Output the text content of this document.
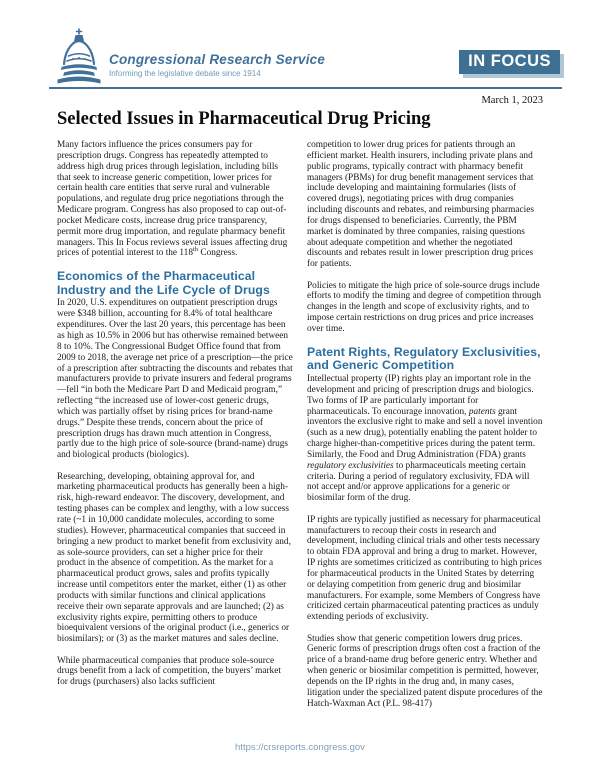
Congressional Research Service
Informing the legislative debate since 1914
IN FOCUS
March 1, 2023
Selected Issues in Pharmaceutical Drug Pricing

Many factors influence the prices consumers pay for prescription drugs. Congress has repeatedly attempted to address high drug prices through legislation, including bills that seek to increase generic competition, lower prices for certain health care entities that serve rural and vulnerable populations, and regulate drug price negotiations through the Medicare program. Congress has also proposed to cap out-of-pocket Medicare costs, increase drug price transparency, permit more drug importation, and regulate pharmacy benefit managers. This In Focus reviews several issues affecting drug prices of potential interest to the 118th Congress.

Economics of the Pharmaceutical Industry and the Life Cycle of Drugs

In 2020, U.S. expenditures on outpatient prescription drugs were $348 billion, accounting for 8.4% of total healthcare expenditures. Over the last 20 years, this percentage has been as high as 10.5% in 2006 but has otherwise remained between 8 to 10%. The Congressional Budget Office found that from 2009 to 2018, the average net price of a prescription—the price of a prescription after subtracting the discounts and rebates that manufacturers provide to private insurers and federal programs—fell “in both the Medicare Part D and Medicaid program,” reflecting “the increased use of lower-cost generic drugs, which was partially offset by rising prices for brand-name drugs.” Despite these trends, concern about the price of prescription drugs has drawn much attention in Congress, partly due to the high price of sole-source (brand-name) drugs and biological products (biologics).

Researching, developing, obtaining approval for, and marketing pharmaceutical products has generally been a high-risk, high-reward endeavor. The discovery, development, and testing phases can be complex and lengthy, with a low success rate (~1 in 10,000 candidate molecules, according to some studies). However, pharmaceutical companies that succeed in bringing a new product to market benefit from exclusivity and, as sole-source providers, can set a higher price for their product in the absence of competition. As the market for a pharmaceutical product grows, sales and profits typically increase until competitors enter the market, either (1) as other products with similar functions and clinical applications receive their own separate approvals and are launched; (2) as exclusivity rights expire, permitting others to produce bioequivalent versions of the original product (i.e., generics or biosimilars); or (3) as the market matures and sales decline.

While pharmaceutical companies that produce sole-source drugs benefit from a lack of competition, the buyers’ market for drugs (purchasers) also lacks sufficient

competition to lower drug prices for patients through an efficient market. Health insurers, including private plans and public programs, typically contract with pharmacy benefit managers (PBMs) for drug benefit management services that include developing and maintaining formularies (lists of covered drugs), negotiating prices with drug companies including discounts and rebates, and reimbursing pharmacies for drugs dispensed to beneficiaries. Currently, the PBM market is dominated by three companies, raising questions about adequate competition and whether the negotiated discounts and rebates result in lower prescription drug prices for patients.

Policies to mitigate the high price of sole-source drugs include efforts to modify the timing and degree of competition through changes in the length and scope of exclusivity rights, and to impose certain restrictions on drug prices and price increases over time.

Patent Rights, Regulatory Exclusivities, and Generic Competition

Intellectual property (IP) rights play an important role in the development and pricing of prescription drugs and biologics. Two forms of IP are particularly important for pharmaceuticals. To encourage innovation, patents grant inventors the exclusive right to make and sell a novel invention (such as a new drug), potentially enabling the patent holder to charge higher-than-competitive prices during the patent term. Similarly, the Food and Drug Administration (FDA) grants regulatory exclusivities to pharmaceuticals meeting certain criteria. During a period of regulatory exclusivity, FDA will not accept and/or approve applications for a generic or biosimilar form of the drug.

IP rights are typically justified as necessary for pharmaceutical manufacturers to recoup their costs in research and development, including clinical trials and other tests necessary to obtain FDA approval and bring a drug to market. However, IP rights are sometimes criticized as contributing to high prices for pharmaceutical products in the United States by deterring or delaying competition from generic drug and biosimilar manufacturers. For example, some Members of Congress have criticized certain pharmaceutical patenting practices as unduly extending periods of exclusivity.

Studies show that generic competition lowers drug prices. Generic forms of prescription drugs often cost a fraction of the price of a brand-name drug before generic entry. Whether and when generic or biosimilar competition is permitted, however, depends on the IP rights in the drug and, in many cases, litigation under the specialized patent dispute procedures of the Hatch-Waxman Act (P.L. 98-417)

https://crsreports.congress.gov
